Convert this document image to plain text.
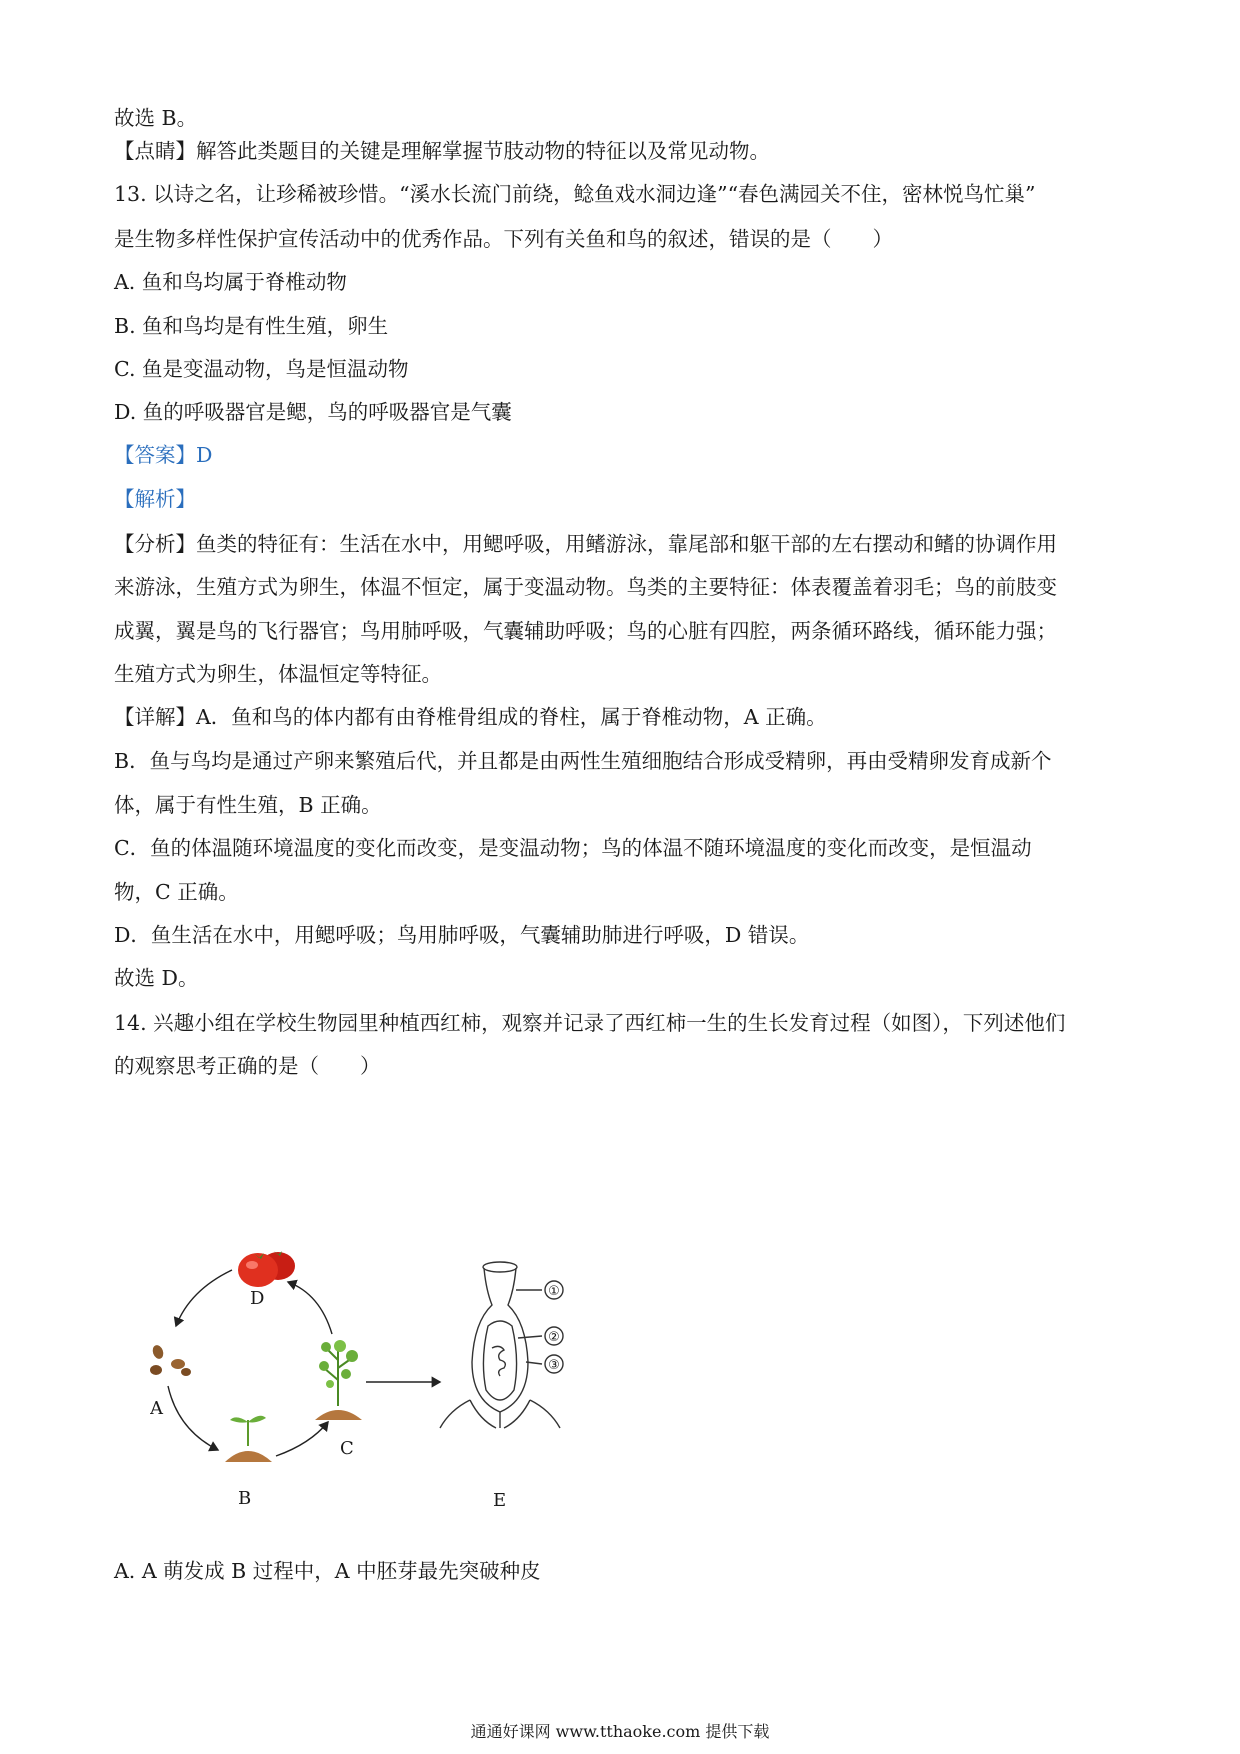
故选 B。
【点睛】解答此类题目的关键是理解掌握节肢动物的特征以及常见动物。
13. 以诗之名，让珍稀被珍惜。“溪水长流门前绕，鲶鱼戏水洞边逢”“春色满园关不住，密林悦鸟忙巢”
是生物多样性保护宣传活动中的优秀作品。下列有关鱼和鸟的叙述，错误的是（　　）
A. 鱼和鸟均属于脊椎动物
B. 鱼和鸟均是有性生殖，卵生
C. 鱼是变温动物，鸟是恒温动物
D. 鱼的呼吸器官是鳃，鸟的呼吸器官是气囊
【答案】D
【解析】
【分析】鱼类的特征有：生活在水中，用鳃呼吸，用鳍游泳，靠尾部和躯干部的左右摆动和鳍的协调作用
来游泳，生殖方式为卵生，体温不恒定，属于变温动物。鸟类的主要特征：体表覆盖着羽毛；鸟的前肢变
成翼，翼是鸟的飞行器官；鸟用肺呼吸，气囊辅助呼吸；鸟的心脏有四腔，两条循环路线，循环能力强；
生殖方式为卵生，体温恒定等特征。
【详解】A．鱼和鸟的体内都有由脊椎骨组成的脊柱，属于脊椎动物，A 正确。
B．鱼与鸟均是通过产卵来繁殖后代，并且都是由两性生殖细胞结合形成受精卵，再由受精卵发育成新个
体，属于有性生殖，B 正确。
C．鱼的体温随环境温度的变化而改变，是变温动物；鸟的体温不随环境温度的变化而改变，是恒温动
物，C 正确。
D．鱼生活在水中，用鳃呼吸；鸟用肺呼吸，气囊辅助肺进行呼吸，D 错误。
故选 D。
14. 兴趣小组在学校生物园里种植西红柿，观察并记录了西红柿一生的生长发育过程（如图），下列述他们
的观察思考正确的是（　　）
D
A
C
B	E
①
②
③
A. A 萌发成 B 过程中，A 中胚芽最先突破种皮
通通好课网 www.tthaoke.com 提供下载
